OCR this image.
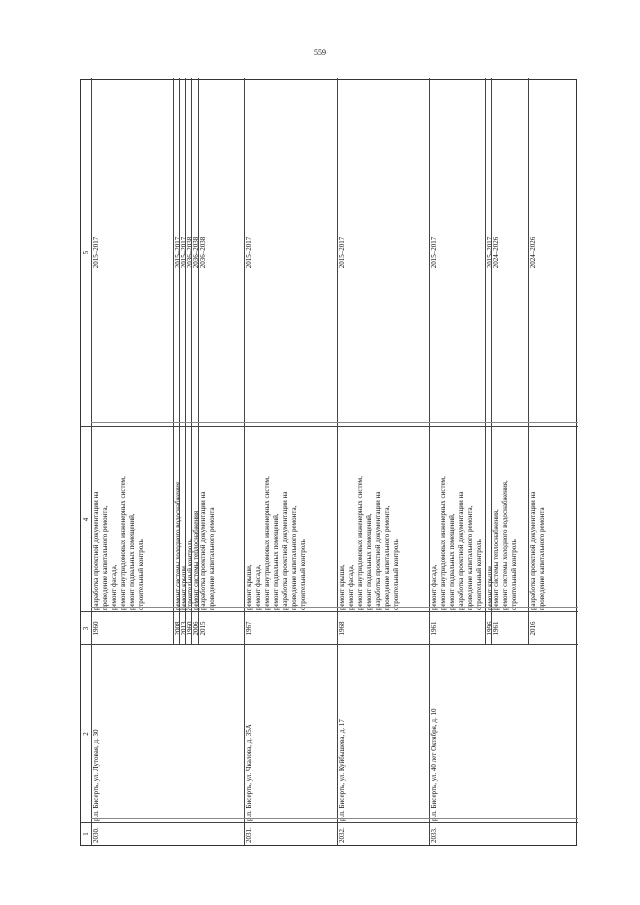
559
1
2
3
4
5
2030.
р.п. Бисерть, ул. Лутовая, д. 30
1960
разработка проектной документации на проведение капитального ремонта, ремонт фасада, ремонт внутридомовых инженерных систем, ремонт подвальных помещений, строительный контроль
2015–2017
2008
ремонт системы холодного водоснабжения
2015–2017
2013
ремонт крыши
2015–2017
1960
строительный контроль
2036–2038
2006
ремонт системы теплоснабжения
2036–2038
2015
разработка проектной документации на проведение капитального ремонта
2036–2038
2031.
р.п. Бисерть, ул. Чкалова, д. 35А
1967
ремонт крыши, ремонт фасада, ремонт внутридомовых инженерных систем, ремонт подвальных помещений, разработка проектной документации на проведение капитального ремонта, строительный контроль
2015–2017
2032.
р.п. Бисерть, ул. Куйбышева, д. 17
1968
ремонт крыши, ремонт фасада, ремонт внутридомовых инженерных систем, ремонт подвальных помещений, разработка проектной документации на проведение капитального ремонта, строительный контроль
2015–2017
2033.
р.п. Бисерть, ул. 40 лет Октября, д. 10
1961
ремонт фасада, ремонт внутридомовых инженерных систем, ремонт подвальных помещений, разработка проектной документации на проведение капитального ремонта, строительный контроль
2015–2017
1996
ремонт крыши
2015–2017
1961
ремонт системы теплоснабжения, ремонт системы холодного водоснабжения, строительный контроль
2024–2026
2016
разработка проектной документации на проведение капитального ремонта
2024–2026
